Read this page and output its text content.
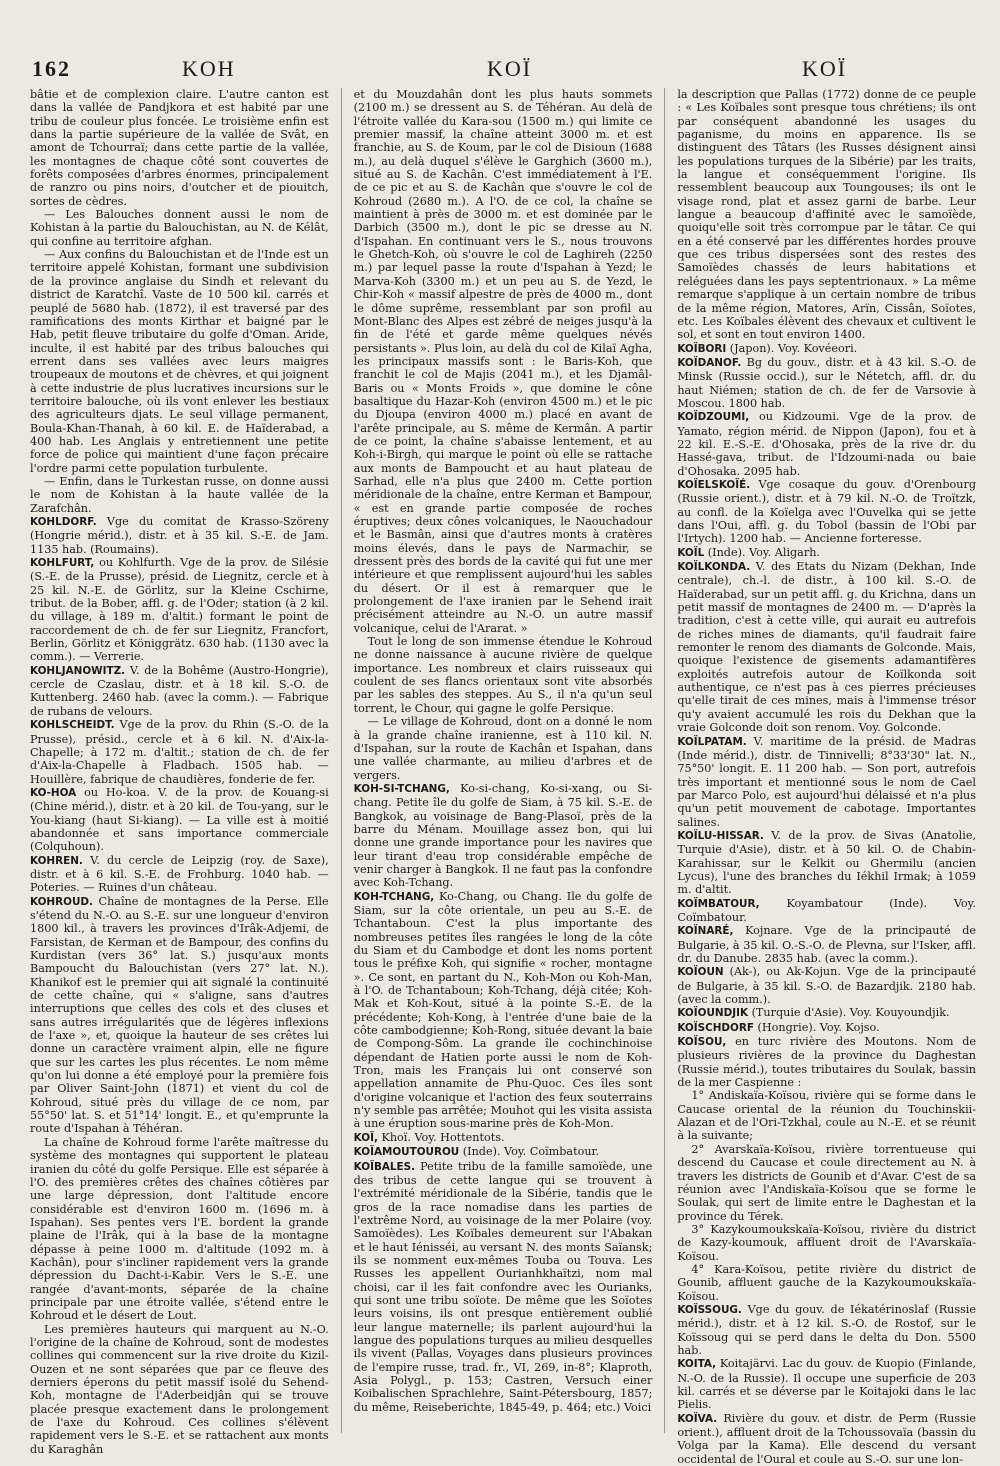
162	KOH	KOÏ	KOÏ

bâtie et de complexion claire. L'autre canton est dans la vallée de Pandjkora et est habité par une tribu de couleur plus foncée. Le troisième enfin est dans la partie supérieure de la vallée de Svât, en amont de Tchourraï; dans cette partie de la vallée, les montagnes de chaque côté sont couvertes de forêts composées d'arbres énormes, principalement de ranzro ou pins noirs, d'outcher et de piouitch, sortes de cèdres.

— Les Balouches donnent aussi le nom de Kohistan à la partie du Balouchistan, au N. de Kélât, qui confine au territoire afghan.

— Aux confins du Balouchistan et de l'Inde est un territoire appelé Kohistan, formant une subdivision de la province anglaise du Sindh et relevant du district de Karatchî. Vaste de 10 500 kil. carrés et peuplé de 5680 hab. (1872), il est traversé par des ramifications des monts Kirthar et baigné par le Hab, petit fleuve tributaire du golfe d'Oman. Aride, inculte, il est habité par des tribus balouches qui errent dans ses vallées avec leurs maigres troupeaux de moutons et de chèvres, et qui joignent à cette industrie de plus lucratives incursions sur le territoire balouche, où ils vont enlever les bestiaux des agriculteurs djats. Le seul village permanent, Boula-Khan-Thanah, à 60 kil. E. de Haïderabad, a 400 hab. Les Anglais y entretiennent une petite force de police qui maintient d'une façon précaire l'ordre parmi cette population turbulente.

— Enfin, dans le Turkestan russe, on donne aussi le nom de Kohistan à la haute vallée de la Zarafchân.

KOHLDORF. Vge du comitat de Krasso-Szöreny (Hongrie mérid.), distr. et à 35 kil. S.-E. de Jam. 1135 hab. (Roumains).

KOHLFURT, ou Kohlfurth. Vge de la prov. de Silésie (S.-E. de la Prusse), présid. de Liegnitz, cercle et à 25 kil. N.-E. de Görlitz, sur la Kleine Cschirne, tribut. de la Bober, affl. g. de l'Oder; station (à 2 kil. du village, à 189 m. d'altit.) formant le point de raccordement de ch. de fer sur Liegnitz, Francfort, Berlin, Görlitz et Königgrätz. 630 hab. (1130 avec la comm.). — Verrerie.

KOHLJANOWITZ. V. de la Bohême (Austro-Hongrie), cercle de Czaslau, distr. et à 18 kil. S.-O. de Kuttenberg. 2460 hab. (avec la comm.). — Fabrique de rubans de velours.

KOHLSCHEIDT. Vge de la prov. du Rhin (S.-O. de la Prusse), présid., cercle et à 6 kil. N. d'Aix-la-Chapelle; à 172 m. d'altit.; station de ch. de fer d'Aix-la-Chapelle à Fladbach. 1505 hab. — Houillère, fabrique de chaudières, fonderie de fer.

KO-HOA ou Ho-koa. V. de la prov. de Kouang-si (Chine mérid.), distr. et à 20 kil. de Tou-yang, sur le You-kiang (haut Si-kiang). — La ville est à moitié abandonnée et sans importance commerciale (Colquhoun).

KOHREN. V. du cercle de Leipzig (roy. de Saxe), distr. et à 6 kil. S.-E. de Frohburg. 1040 hab. — Poteries. — Ruines d'un château.

KOHROUD. Chaîne de montagnes de la Perse. Elle s'étend du N.-O. au S.-E. sur une longueur d'environ 1800 kil., à travers les provinces d'Irâk-Adjemi, de Farsistan, de Kerman et de Bampour, des confins du Kurdistan (vers 36° lat. S.) jusqu'aux monts Bampoucht du Balouchistan (vers 27° lat. N.). Khanikof est le premier qui ait signalé la continuité de cette chaîne, qui « s'aligne, sans d'autres interruptions que celles des cols et des cluses et sans autres irrégularités que de légères inflexions de l'axe », et, quoique la hauteur de ses crêtes lui donne un caractère vraiment alpin, elle ne figure que sur les cartes les plus récentes. Le nom même qu'on lui donne a été employé pour la première fois par Oliver Saint-John (1871) et vient du col de Kohroud, situé près du village de ce nom, par 55°50' lat. S. et 51°14' longit. E., et qu'emprunte la route d'Ispahan à Téhéran.

La chaîne de Kohroud forme l'arête maîtresse du système des montagnes qui supportent le plateau iranien du côté du golfe Persique. Elle est séparée à l'O. des premières crêtes des chaînes côtières par une large dépression, dont l'altitude encore considérable est d'environ 1600 m. (1696 m. à Ispahan). Ses pentes vers l'E. bordent la grande plaine de l'Irâk, qui à la base de la montagne dépasse à peine 1000 m. d'altitude (1092 m. à Kachân), pour s'incliner rapidement vers la grande dépression du Dacht-i-Kabir. Vers le S.-E. une rangée d'avant-monts, séparée de la chaîne principale par une étroite vallée, s'étend entre le Kohroud et le désert de Lout.

Les premières hauteurs qui marquent au N.-O. l'origine de la chaîne de Kohroud, sont de modestes collines qui commencent sur la rive droite du Kizil-Ouzen et ne sont séparées que par ce fleuve des derniers éperons du petit massif isolé du Sehend-Koh, montagne de l'Aderbeidjân qui se trouve placée presque exactement dans le prolongement de l'axe du Kohroud. Ces collines s'élèvent rapidement vers le S.-E. et se rattachent aux monts du Karaghân

et du Mouzdahân dont les plus hauts sommets (2100 m.) se dressent au S. de Téhéran. Au delà de l'étroite vallée du Kara-sou (1500 m.) qui limite ce premier massif, la chaîne atteint 3000 m. et est franchie, au S. de Koum, par le col de Disioun (1688 m.), au delà duquel s'élève le Garghich (3600 m.), situé au S. de Kachân. C'est immédiatement à l'E. de ce pic et au S. de Kachân que s'ouvre le col de Kohroud (2680 m.). A l'O. de ce col, la chaîne se maintient à près de 3000 m. et est dominée par le Darbich (3500 m.), dont le pic se dresse au N. d'Ispahan. En continuant vers le S., nous trouvons le Ghetch-Koh, où s'ouvre le col de Laghireh (2250 m.) par lequel passe la route d'Ispahan à Yezd; le Marva-Koh (3300 m.) et un peu au S. de Yezd, le Chir-Koh « massif alpestre de près de 4000 m., dont le dôme suprême, ressemblant par son profil au Mont-Blanc des Alpes est zébré de neiges jusqu'à la fin de l'été et garde même quelques névés persistants ». Plus loin, au delà du col de Kilaï Agha, les principaux massifs sont : le Baris-Koh, que franchit le col de Majis (2041 m.), et les Djamâl-Baris ou « Monts Froids », que domine le cône basaltique du Hazar-Koh (environ 4500 m.) et le pic du Djoupa (environ 4000 m.) placé en avant de l'arête principale, au S. même de Kermân. A partir de ce point, la chaîne s'abaisse lentement, et au Koh-i-Birgh, qui marque le point où elle se rattache aux monts de Bampoucht et au haut plateau de Sarhad, elle n'a plus que 2400 m. Cette portion méridionale de la chaîne, entre Kerman et Bampour, « est en grande partie composée de roches éruptives; deux cônes volcaniques, le Naouchadour et le Basmân, ainsi que d'autres monts à cratères moins élevés, dans le pays de Narmachir, se dressent près des bords de la cavité qui fut une mer intérieure et que remplissent aujourd'hui les sables du désert. Or il est à remarquer que le prolongement de l'axe iranien par le Sehend irait précisément atteindre au N.-O. un autre massif volcanique, celui de l'Ararat. »

Tout le long de son immense étendue le Kohroud ne donne naissance à aucune rivière de quelque importance. Les nombreux et clairs ruisseaux qui coulent de ses flancs orientaux sont vite absorbés par les sables des steppes. Au S., il n'a qu'un seul torrent, le Chour, qui gagne le golfe Persique.

— Le village de Kohroud, dont on a donné le nom à la grande chaîne iranienne, est à 110 kil. N. d'Ispahan, sur la route de Kachân et Ispahan, dans une vallée charmante, au milieu d'arbres et de vergers.

KOH-SI-TCHANG, Ko-si-chang, Ko-si-xang, ou Si-chang. Petite île du golfe de Siam, à 75 kil. S.-E. de Bangkok, au voisinage de Bang-Plasoï, près de la barre du Ménam. Mouillage assez bon, qui lui donne une grande importance pour les navires que leur tirant d'eau trop considérable empêche de venir charger à Bangkok. Il ne faut pas la confondre avec Koh-Tchang.

KOH-TCHANG, Ko-Chang, ou Chang. Ile du golfe de Siam, sur la côte orientale, un peu au S.-E. de Tchantaboun. C'est la plus importante des nombreuses petites îles rangées le long de la côte du Siam et du Cambodge et dont les noms portent tous le préfixe Koh, qui signifie « rocher, montagne ». Ce sont, en partant du N., Koh-Mon ou Koh-Man, à l'O. de Tchantaboun; Koh-Tchang, déjà citée; Koh-Mak et Koh-Kout, situé à la pointe S.-E. de la précédente; Koh-Kong, à l'entrée d'une baie de la côte cambodgienne; Koh-Rong, située devant la baie de Compong-Sôm. La grande île cochinchinoise dépendant de Hatien porte aussi le nom de Koh-Tron, mais les Français lui ont conservé son appellation annamite de Phu-Quoc. Ces îles sont d'origine volcanique et l'action des feux souterrains n'y semble pas arrêtée; Mouhot qui les visita assista à une éruption sous-marine près de Koh-Mon.

KOÏ, Khoï. Voy. Hottentots.

KOÏAMOUTOUROU (Inde). Voy. Coïmbatour.

KOÏBALES. Petite tribu de la famille samoïède, une des tribus de cette langue qui se trouvent à l'extrémité méridionale de la Sibérie, tandis que le gros de la race nomadise dans les parties de l'extrême Nord, au voisinage de la mer Polaire (voy. Samoïèdes). Les Koïbales demeurent sur l'Abakan et le haut Iénisséi, au versant N. des monts Saïansk; ils se nomment eux-mêmes Touba ou Touva. Les Russes les appellent Ourianhkhaïtzi, nom mal choisi, car il les fait confondre avec les Ourianks, qui sont une tribu soïote. De même que les Soïotes leurs voisins, ils ont presque entièrement oublié leur langue maternelle; ils parlent aujourd'hui la langue des populations turques au milieu desquelles ils vivent (Pallas, Voyages dans plusieurs provinces de l'empire russe, trad. fr., VI, 269, in-8°; Klaproth, Asia Polygl., p. 153; Castren, Versuch einer Koibalischen Sprachlehre, Saint-Pétersbourg, 1857; du même, Reiseberichte, 1845-49, p. 464; etc.) Voici

la description que Pallas (1772) donne de ce peuple : « Les Koïbales sont presque tous chrétiens; ils ont par conséquent abandonné les usages du paganisme, du moins en apparence. Ils se distinguent des Tâtars (les Russes désignent ainsi les populations turques de la Sibérie) par les traits, la langue et conséquemment l'origine. Ils ressemblent beaucoup aux Toungouses; ils ont le visage rond, plat et assez garni de barbe. Leur langue a beaucoup d'affinité avec le samoïède, quoiqu'elle soit très corrompue par le tâtar. Ce qui en a été conservé par les différentes hordes prouve que ces tribus dispersées sont des restes des Samoïèdes chassés de leurs habitations et reléguées dans les pays septentrionaux. » La même remarque s'applique à un certain nombre de tribus de la même région, Matores, Arïn, Cissân, Soïotes, etc. Les Koïbales élèvent des chevaux et cultivent le sol, et sont en tout environ 1400.

KOÏBORI (Japon). Voy. Kovéeori.

KOÏDANOF. Bg du gouv., distr. et à 43 kil. S.-O. de Minsk (Russie occid.), sur le Nétetch, affl. dr. du haut Niémen; station de ch. de fer de Varsovie à Moscou. 1800 hab.

KOÏDZOUMI, ou Kidzoumi. Vge de la prov. de Yamato, région mérid. de Nippon (Japon), fou et à 22 kil. E.-S.-E. d'Ohosaka, près de la rive dr. du Hassé-gava, tribut. de l'Idzoumi-nada ou baie d'Ohosaka. 2095 hab.

KOÏELSKOÏÉ. Vge cosaque du gouv. d'Orenbourg (Russie orient.), distr. et à 79 kil. N.-O. de Troïtzk, au confl. de la Koïelga avec l'Ouvelka qui se jette dans l'Oui, affl. g. du Tobol (bassin de l'Obi par l'Irtych). 1200 hab. — Ancienne forteresse.

KOÏL (Inde). Voy. Aligarh.

KOÏLKONDA. V. des Etats du Nizam (Dekhan, Inde centrale), ch.-l. de distr., à 100 kil. S.-O. de Haïderabad, sur un petit affl. g. du Krichna, dans un petit massif de montagnes de 2400 m. — D'après la tradition, c'est à cette ville, qui aurait eu autrefois de riches mines de diamants, qu'il faudrait faire remonter le renom des diamants de Golconde. Mais, quoique l'existence de gisements adamantifères exploités autrefois autour de Koïlkonda soit authentique, ce n'est pas à ces pierres précieuses qu'elle tirait de ces mines, mais à l'immense trésor qu'y avaient accumulé les rois du Dekhan que la vraie Golconde doit son renom. Voy. Golconde.

KOÏLPATAM. V. maritime de la présid. de Madras (Inde mérid.), distr. de Tinnivelli; 8°33'30" lat. N., 75°50' longit. E. 11 200 hab. — Son port, autrefois très important et mentionné sous le nom de Cael par Marco Polo, est aujourd'hui délaissé et n'a plus qu'un petit mouvement de cabotage. Importantes salines.

KOÏLU-HISSAR. V. de la prov. de Sivas (Anatolie, Turquie d'Asie), distr. et à 50 kil. O. de Chabin-Karahissar, sur le Kelkit ou Ghermilu (ancien Lycus), l'une des branches du Iékhil Irmak; à 1059 m. d'altit.

KOÏMBATOUR, Koyambatour (Inde). Voy. Coïmbatour.

KOÏNARÉ, Kojnare. Vge de la principauté de Bulgarie, à 35 kil. O.-S.-O. de Plevna, sur l'Isker, affl. dr. du Danube. 2835 hab. (avec la comm.).

KOÏOUN (Ak-), ou Ak-Kojun. Vge de la principauté de Bulgarie, à 35 kil. S.-O. de Bazardjik. 2180 hab. (avec la comm.).

KOÏOUNDJIK (Turquie d'Asie). Voy. Kouyoundjik.

KOÏSCHDORF (Hongrie). Voy. Kojso.

KOÏSOU, en turc rivière des Moutons. Nom de plusieurs rivières de la province du Daghestan (Russie mérid.), toutes tributaires du Soulak, bassin de la mer Caspienne :

1° Andiskaïa-Koïsou, rivière qui se forme dans le Caucase oriental de la réunion du Touchinskii-Alazan et de l'Ori-Tzkhal, coule au N.-E. et se réunit à la suivante;

2° Avarskaïa-Koïsou, rivière torrentueuse qui descend du Caucase et coule directement au N. à travers les districts de Gounib et d'Avar. C'est de sa réunion avec l'Andiskaïa-Koïsou que se forme le Soulak, qui sert de limite entre le Daghestan et la province du Térek.

3° Kazykoumoukskaïa-Koïsou, rivière du district de Kazy-koumouk, affluent droit de l'Avarskaïa-Koïsou.

4° Kara-Koïsou, petite rivière du district de Gounib, affluent gauche de la Kazykoumoukskaïa-Koïsou.

KOÏSSOUG. Vge du gouv. de Iékatérinoslaf (Russie mérid.), distr. et à 12 kil. S.-O. de Rostof, sur le Koïssoug qui se perd dans le delta du Don. 5500 hab.

KOITA, Koitajärvi. Lac du gouv. de Kuopio (Finlande, N.-O. de la Russie). Il occupe une superficie de 203 kil. carrés et se déverse par le Koitajoki dans le lac Pielis.

KOÏVA. Rivière du gouv. et distr. de Perm (Russie orient.), affluent droit de la Tchoussovaïa (bassin du Volga par la Kama). Elle descend du versant occidental de l'Oural et coule au S.-O. sur une lon-
